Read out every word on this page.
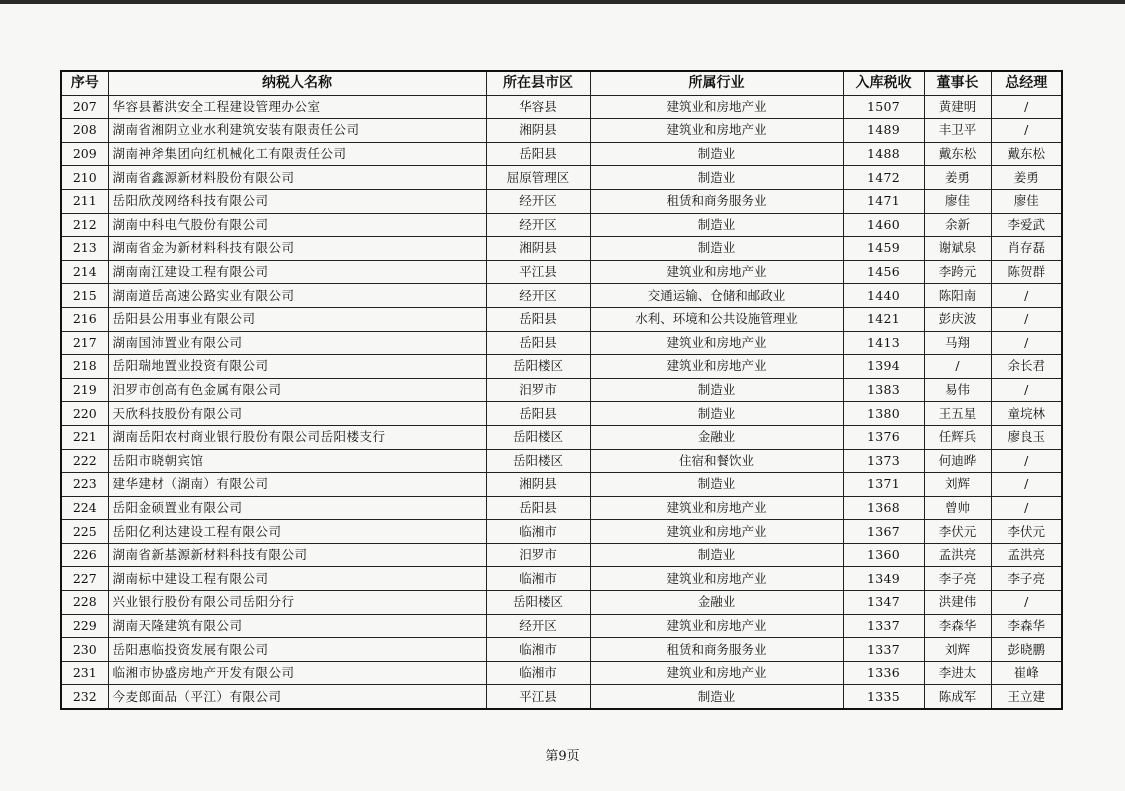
序号	纳税人名称	所在县市区	所属行业	入库税收	董事长	总经理
207	华容县蓄洪安全工程建设管理办公室	华容县	建筑业和房地产业	1507	黄建明	/
208	湖南省湘阴立业水利建筑安装有限责任公司	湘阴县	建筑业和房地产业	1489	丰卫平	/
209	湖南神斧集团向红机械化工有限责任公司	岳阳县	制造业	1488	戴东松	戴东松
210	湖南省鑫源新材料股份有限公司	屈原管理区	制造业	1472	姜勇	姜勇
211	岳阳欣茂网络科技有限公司	经开区	租赁和商务服务业	1471	廖佳	廖佳
212	湖南中科电气股份有限公司	经开区	制造业	1460	余新	李爱武
213	湖南省金为新材料科技有限公司	湘阴县	制造业	1459	谢斌泉	肖存磊
214	湖南南江建设工程有限公司	平江县	建筑业和房地产业	1456	李跨元	陈贺群
215	湖南道岳高速公路实业有限公司	经开区	交通运输、仓储和邮政业	1440	陈阳南	/
216	岳阳县公用事业有限公司	岳阳县	水利、环境和公共设施管理业	1421	彭庆波	/
217	湖南国沛置业有限公司	岳阳县	建筑业和房地产业	1413	马翔	/
218	岳阳瑞地置业投资有限公司	岳阳楼区	建筑业和房地产业	1394	/	余长君
219	汨罗市创高有色金属有限公司	汨罗市	制造业	1383	易伟	/
220	天欣科技股份有限公司	岳阳县	制造业	1380	王五星	童垸林
221	湖南岳阳农村商业银行股份有限公司岳阳楼支行	岳阳楼区	金融业	1376	任辉兵	廖良玉
222	岳阳市晓朝宾馆	岳阳楼区	住宿和餐饮业	1373	何迪晔	/
223	建华建材（湖南）有限公司	湘阴县	制造业	1371	刘辉	/
224	岳阳金硕置业有限公司	岳阳县	建筑业和房地产业	1368	曾帅	/
225	岳阳亿利达建设工程有限公司	临湘市	建筑业和房地产业	1367	李伏元	李伏元
226	湖南省新基源新材料科技有限公司	汨罗市	制造业	1360	孟洪亮	孟洪亮
227	湖南标中建设工程有限公司	临湘市	建筑业和房地产业	1349	李子亮	李子亮
228	兴业银行股份有限公司岳阳分行	岳阳楼区	金融业	1347	洪建伟	/
229	湖南天隆建筑有限公司	经开区	建筑业和房地产业	1337	李森华	李森华
230	岳阳惠临投资发展有限公司	临湘市	租赁和商务服务业	1337	刘辉	彭晓鹏
231	临湘市协盛房地产开发有限公司	临湘市	建筑业和房地产业	1336	李进太	崔峰
232	今麦郎面品（平江）有限公司	平江县	制造业	1335	陈成军	王立建
第9页
